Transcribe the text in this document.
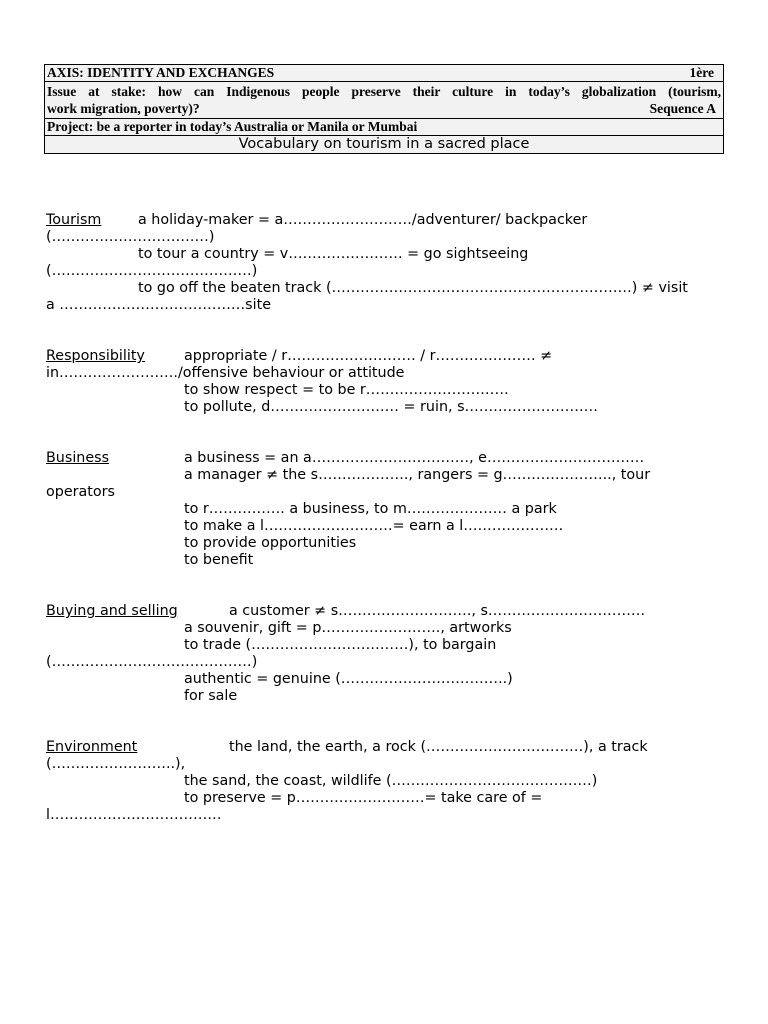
AXIS: IDENTITY AND EXCHANGES	1ère

Issue at stake: how can Indigenous people preserve their culture in today’s globalization (tourism,
work migration, poverty)?	Sequence A

Project: be a reporter in today’s Australia or Manila or Mumbai
Vocabulary on tourism in a sacred place
Tourism	a holiday-maker = a………………………/adventurer/ backpacker
(……………………………)
to tour a country = v…………………… = go sightseeing
(……………………………………)
to go off the beaten track (………………………………………………………) ≠ visit
a …………………………………site
Responsibility	appropriate / r……………………… / r………………… ≠
in……………………./offensive behaviour or attitude
to show respect = to be r…………………………
to pollute, d……………………… = ruin, s……………………….
Business	a business = an a……………………………, e……………………………
a manager ≠ the s………………., rangers = g………………….., tour
operators
to r……………. a business, to m………………… a park
to make a l………………………= earn a l…………………
to provide opportunities
to benefit
Buying and selling	a customer ≠ s………………………., s……………………………
a souvenir, gift = p……………………., artworks
to trade (……………………………), to bargain
(……………………………………)
authentic = genuine (……………………………..)
for sale
Environment	the land, the earth, a rock (……………………………), a track
(……………………..),
the sand, the coast, wildlife (……………………………………)
to preserve = p………………………= take care of =
l………………………………
